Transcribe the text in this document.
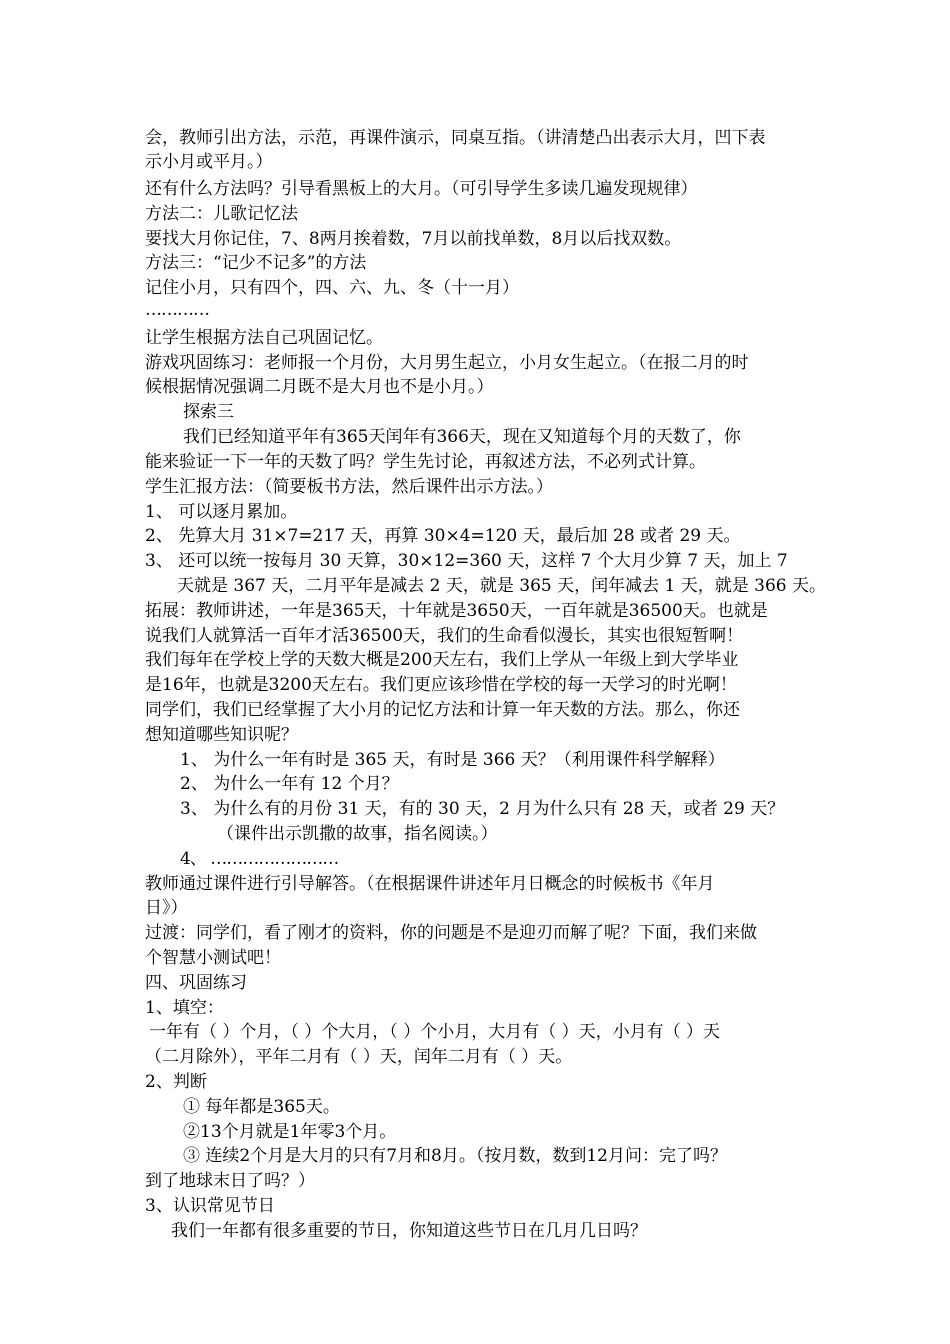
会，教师引出方法，示范，再课件演示，同桌互指。（讲清楚凸出表示大月，凹下表
示小月或平月。）
还有什么方法吗？引导看黑板上的大月。（可引导学生多读几遍发现规律）
方法二：儿歌记忆法
要找大月你记住，7、8两月挨着数，7月以前找单数，8月以后找双数。
方法三：“记少不记多”的方法
记住小月，只有四个，四、六、九、冬（十一月）
…………
让学生根据方法自己巩固记忆。
游戏巩固练习：老师报一个月份，大月男生起立，小月女生起立。（在报二月的时
候根据情况强调二月既不是大月也不是小月。）
探索三
我们已经知道平年有365天闰年有366天，现在又知道每个月的天数了，你
能来验证一下一年的天数了吗？学生先讨论，再叙述方法，不必列式计算。
学生汇报方法：（简要板书方法，然后课件出示方法。）
1、 可以逐月累加。
2、 先算大月 31×7=217 天，再算 30×4=120 天，最后加 28 或者 29 天。
3、 还可以统一按每月 30 天算，30×12=360 天，这样 7 个大月少算 7 天，加上 7
天就是 367 天，二月平年是减去 2 天，就是 365 天，闰年减去 1 天，就是 366 天。
拓展：教师讲述，一年是365天，十年就是3650天，一百年就是36500天。也就是
说我们人就算活一百年才活36500天，我们的生命看似漫长，其实也很短暂啊！
我们每年在学校上学的天数大概是200天左右，我们上学从一年级上到大学毕业
是16年，也就是3200天左右。我们更应该珍惜在学校的每一天学习的时光啊！
同学们，我们已经掌握了大小月的记忆方法和计算一年天数的方法。那么，你还
想知道哪些知识呢？
1、 为什么一年有时是 365 天，有时是 366 天？（利用课件科学解释）
2、 为什么一年有 12 个月？
3、 为什么有的月份 31 天，有的 30 天，2 月为什么只有 28 天，或者 29 天？
（课件出示凯撒的故事，指名阅读。）
4、 ……………………
教师通过课件进行引导解答。（在根据课件讲述年月日概念的时候板书《年月
日》）
过渡：同学们，看了刚才的资料，你的问题是不是迎刃而解了呢？下面，我们来做
个智慧小测试吧！
四、巩固练习
1、填空：
一年有（ ）个月，（ ）个大月，（ ）个小月，大月有（ ）天，小月有（ ）天
（二月除外），平年二月有（ ）天，闰年二月有（ ）天。
2、判断
① 每年都是365天。
②13个月就是1年零3个月。
③ 连续2个月是大月的只有7月和8月。（按月数，数到12月问：完了吗？
到了地球末日了吗？）
3、认识常见节日
我们一年都有很多重要的节日，你知道这些节日在几月几日吗？
